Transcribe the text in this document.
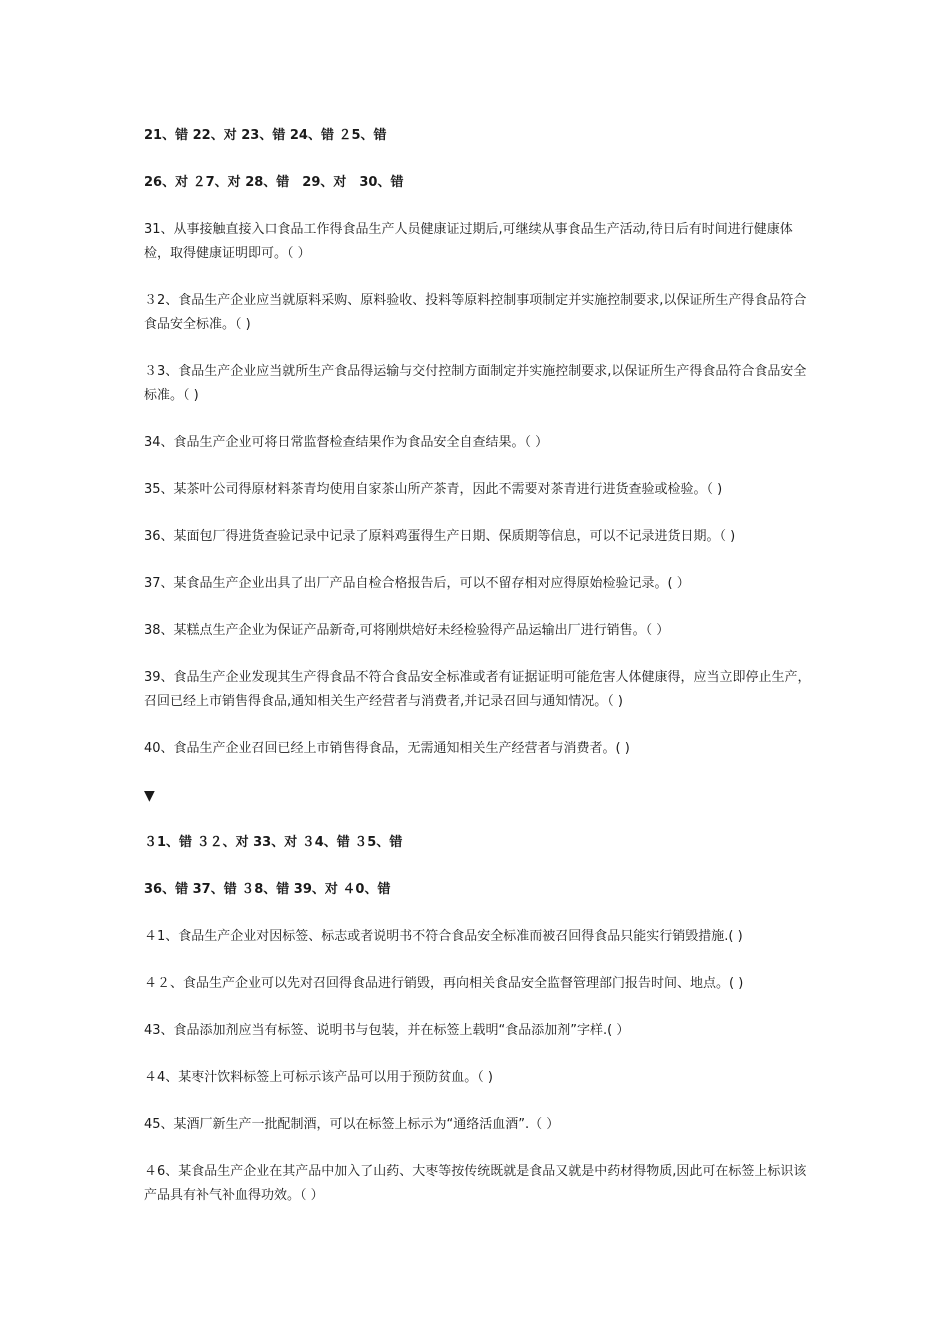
21、错 22、对 23、错 24、错 ２5、错

26、对 ２7、对 28、错　29、对　30、错

31、从事接触直接入口食品工作得食品生产人员健康证过期后,可继续从事食品生产活动,待日后有时间进行健康体检，取得健康证明即可。（ ）

３2、食品生产企业应当就原料采购、原料验收、投料等原料控制事项制定并实施控制要求,以保证所生产得食品符合食品安全标准。（ )

３3、食品生产企业应当就所生产食品得运输与交付控制方面制定并实施控制要求,以保证所生产得食品符合食品安全标准。（ )

34、食品生产企业可将日常监督检查结果作为食品安全自查结果。（ ）

35、某茶叶公司得原材料茶青均使用自家茶山所产茶青，因此不需要对茶青进行进货查验或检验。（ )

36、某面包厂得进货查验记录中记录了原料鸡蛋得生产日期、保质期等信息，可以不记录进货日期。（ )

37、某食品生产企业出具了出厂产品自检合格报告后，可以不留存相对应得原始检验记录。( ）

38、某糕点生产企业为保证产品新奇,可将刚烘焙好未经检验得产品运输出厂进行销售。（ ）

39、食品生产企业发现其生产得食品不符合食品安全标准或者有证据证明可能危害人体健康得，应当立即停止生产，召回已经上市销售得食品,通知相关生产经营者与消费者,并记录召回与通知情况。（ )

40、食品生产企业召回已经上市销售得食品，无需通知相关生产经营者与消费者。( )

▼

３1、错 ３２、对 33、对 ３4、错 ３5、错

36、错 37、错 ３8、错 39、对 ４0、错

４1、食品生产企业对因标签、标志或者说明书不符合食品安全标准而被召回得食品只能实行销毁措施.( )

４２、食品生产企业可以先对召回得食品进行销毁，再向相关食品安全监督管理部门报告时间、地点。( )

43、食品添加剂应当有标签、说明书与包装，并在标签上载明“食品添加剂”字样.( ）

４4、某枣汁饮料标签上可标示该产品可以用于预防贫血。（ )

45、某酒厂新生产一批配制酒，可以在标签上标示为“通络活血酒”.（ ）

４6、某食品生产企业在其产品中加入了山药、大枣等按传统既就是食品又就是中药材得物质,因此可在标签上标识该产品具有补气补血得功效。（ ）
